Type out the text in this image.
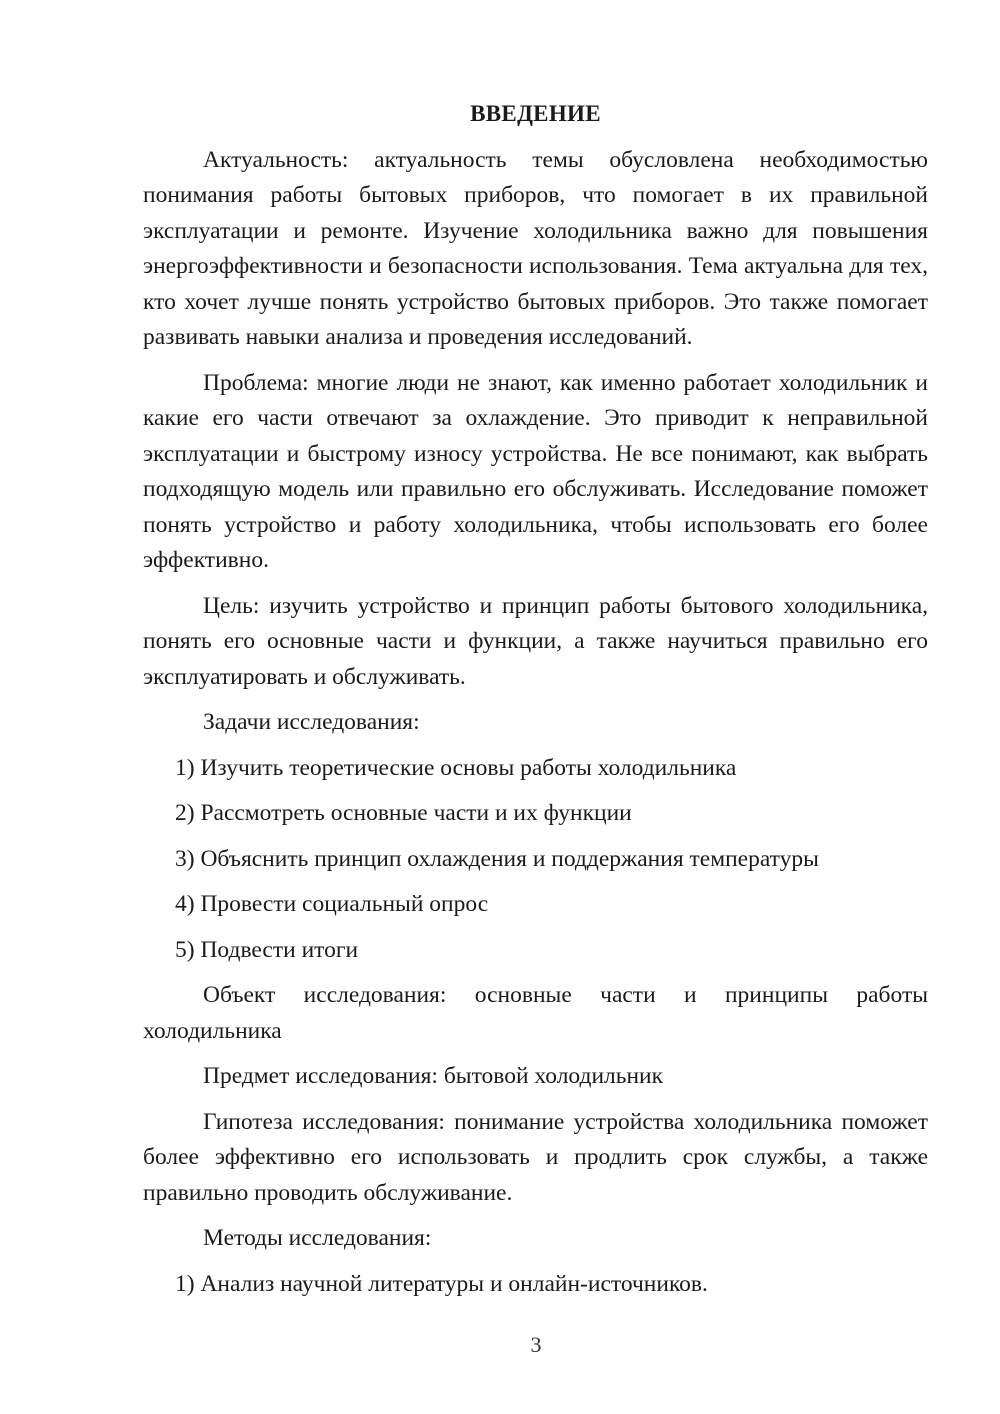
ВВЕДЕНИЕ

Актуальность: актуальность темы обусловлена необходимостью понимания работы бытовых приборов, что помогает в их правильной эксплуатации и ремонте. Изучение холодильника важно для повышения энергоэффективности и безопасности использования. Тема актуальна для тех, кто хочет лучше понять устройство бытовых приборов. Это также помогает развивать навыки анализа и проведения исследований.

Проблема: многие люди не знают, как именно работает холодильник и какие его части отвечают за охлаждение. Это приводит к неправильной эксплуатации и быстрому износу устройства. Не все понимают, как выбрать подходящую модель или правильно его обслуживать. Исследование поможет понять устройство и работу холодильника, чтобы использовать его более эффективно.

Цель: изучить устройство и принцип работы бытового холодильника, понять его основные части и функции, а также научиться правильно его эксплуатировать и обслуживать.

Задачи исследования:
1) Изучить теоретические основы работы холодильника
2) Рассмотреть основные части и их функции
3) Объяснить принцип охлаждения и поддержания температуры
4) Провести социальный опрос
5) Подвести итоги

Объект исследования: основные части и принципы работы холодильника

Предмет исследования: бытовой холодильник

Гипотеза исследования: понимание устройства холодильника поможет более эффективно его использовать и продлить срок службы, а также правильно проводить обслуживание.

Методы исследования:
1) Анализ научной литературы и онлайн-источников.
3
